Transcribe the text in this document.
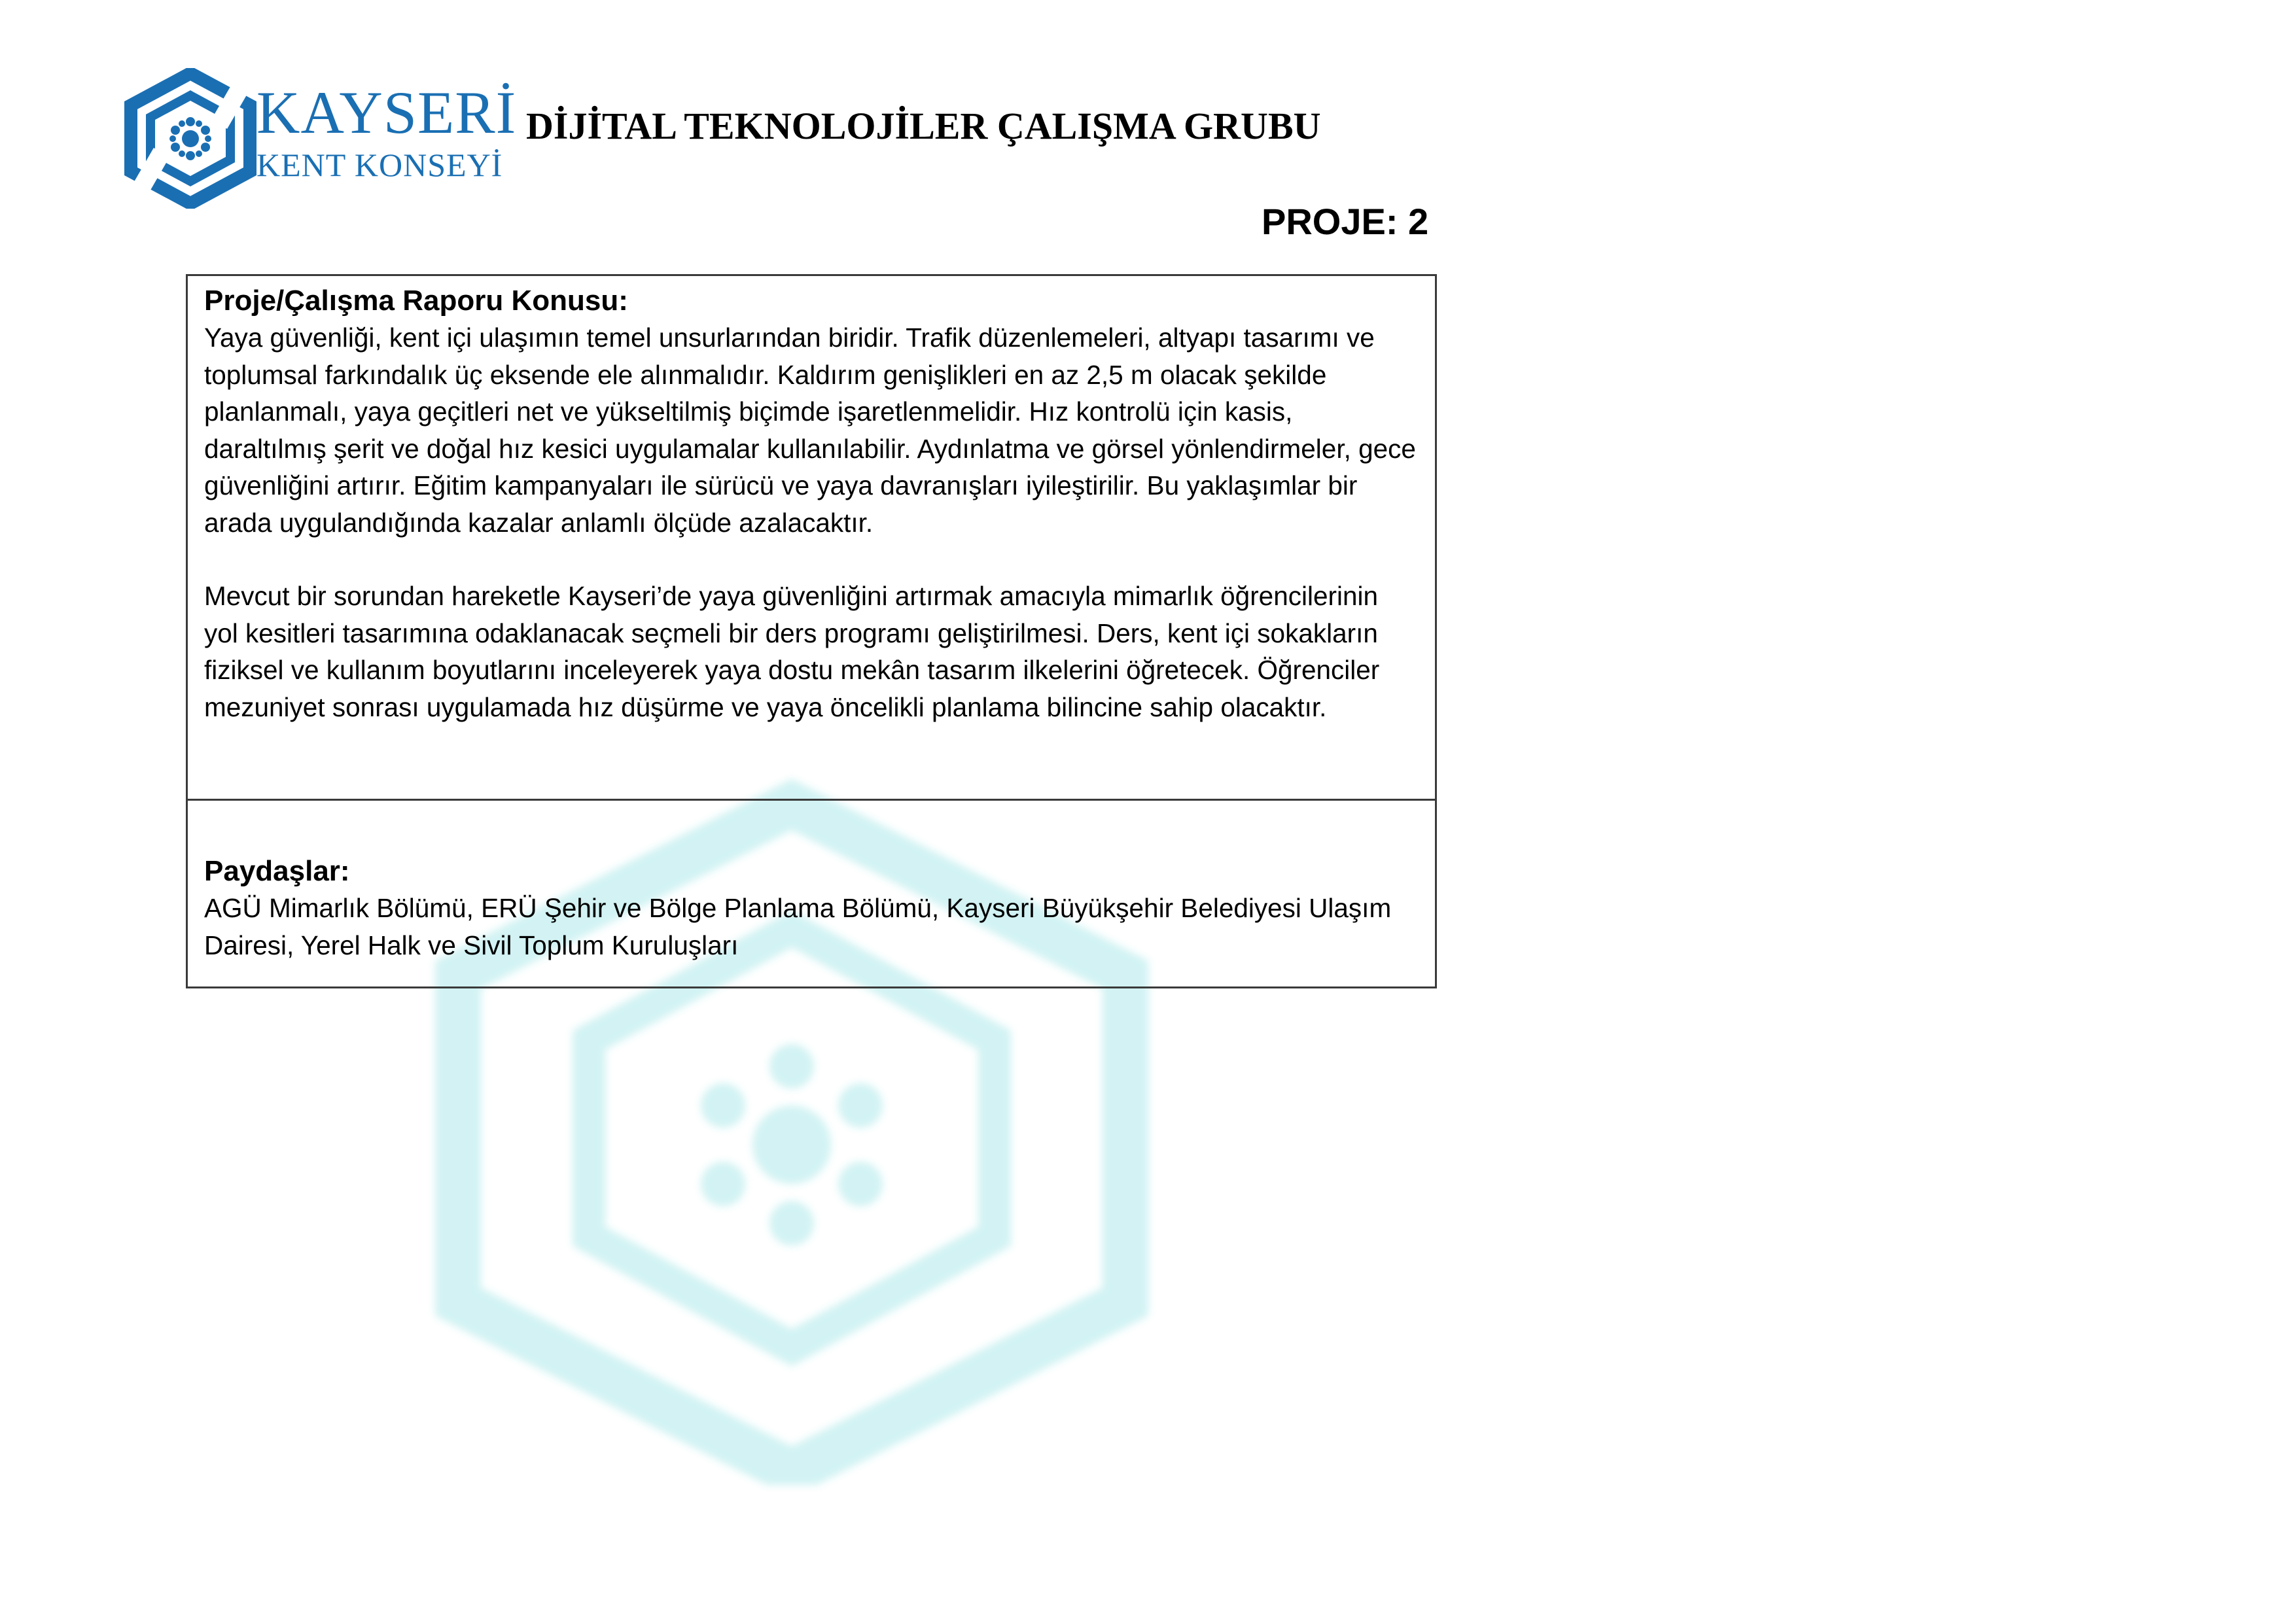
KAYSERİ
KENT KONSEYİ
DİJİTAL TEKNOLOJİLER ÇALIŞMA GRUBU
PROJE: 2

Proje/Çalışma Raporu Konusu:

Yaya güvenliği, kent içi ulaşımın temel unsurlarından biridir. Trafik düzenlemeleri, altyapı tasarımı ve toplumsal farkındalık üç eksende ele alınmalıdır. Kaldırım genişlikleri en az 2,5 m olacak şekilde planlanmalı, yaya geçitleri net ve yükseltilmiş biçimde işaretlenmelidir. Hız kontrolü için kasis, daraltılmış şerit ve doğal hız kesici uygulamalar kullanılabilir. Aydınlatma ve görsel yönlendirmeler, gece güvenliğini artırır. Eğitim kampanyaları ile sürücü ve yaya davranışları iyileştirilir. Bu yaklaşımlar bir arada uygulandığında kazalar anlamlı ölçüde azalacaktır.

Mevcut bir sorundan hareketle Kayseri’de yaya güvenliğini artırmak amacıyla mimarlık öğrencilerinin yol kesitleri tasarımına odaklanacak seçmeli bir ders programı geliştirilmesi. Ders, kent içi sokakların fiziksel ve kullanım boyutlarını inceleyerek yaya dostu mekân tasarım ilkelerini öğretecek. Öğrenciler mezuniyet sonrası uygulamada hız düşürme ve yaya öncelikli planlama bilincine sahip olacaktır.

Paydaşlar:

AGÜ Mimarlık Bölümü, ERÜ Şehir ve Bölge Planlama Bölümü, Kayseri Büyükşehir Belediyesi Ulaşım Dairesi, Yerel Halk ve Sivil Toplum Kuruluşları
